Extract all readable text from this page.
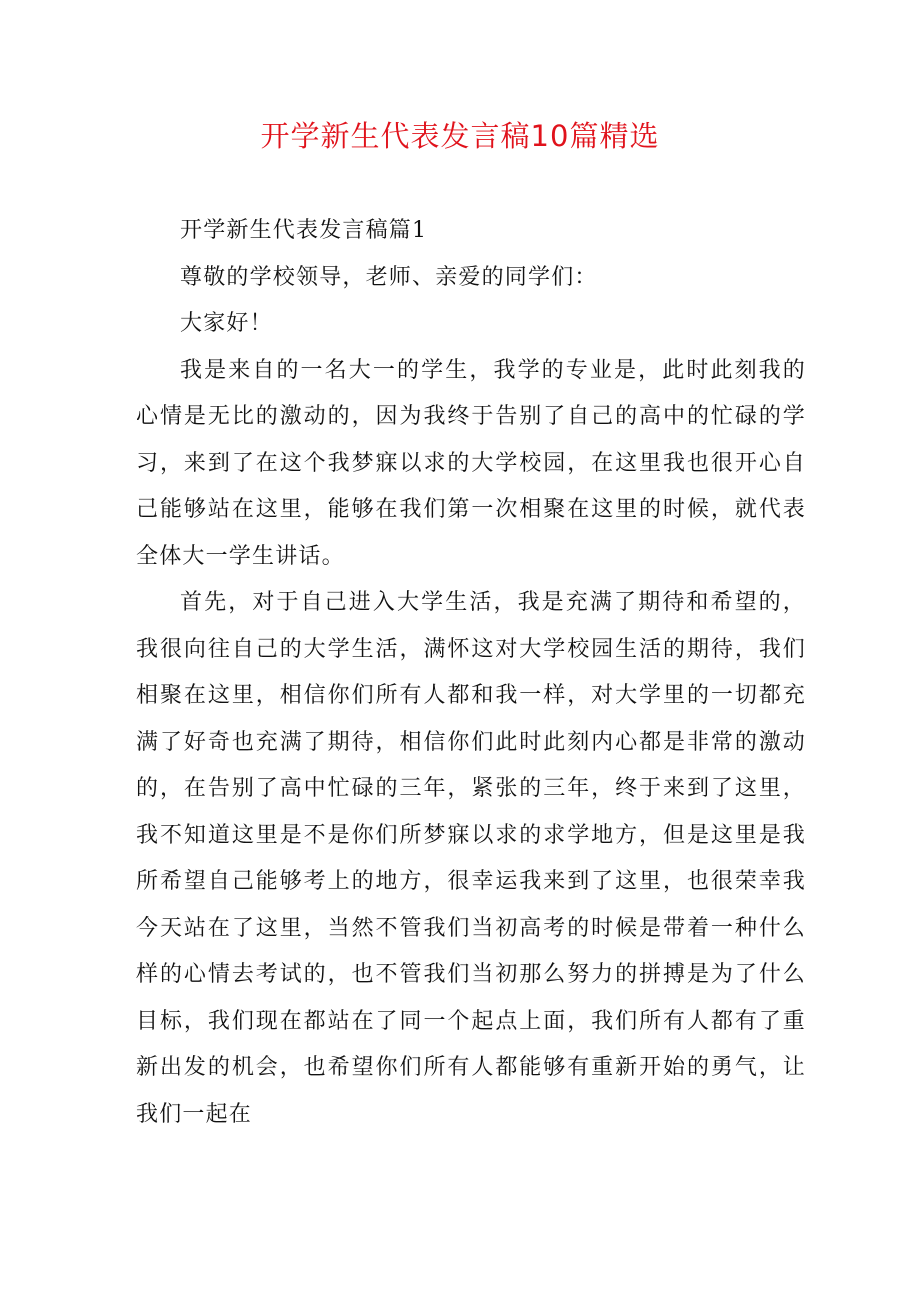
开学新生代表发言稿10篇精选

开学新生代表发言稿篇1

尊敬的学校领导，老师、亲爱的同学们：

大家好！

我是来自的一名大一的学生，我学的专业是，此时此刻我的心情是无比的激动的，因为我终于告别了自己的高中的忙碌的学习，来到了在这个我梦寐以求的大学校园，在这里我也很开心自己能够站在这里，能够在我们第一次相聚在这里的时候，就代表全体大一学生讲话。

首先，对于自己进入大学生活，我是充满了期待和希望的，我很向往自己的大学生活，满怀这对大学校园生活的期待，我们相聚在这里，相信你们所有人都和我一样，对大学里的一切都充满了好奇也充满了期待，相信你们此时此刻内心都是非常的激动的，在告别了高中忙碌的三年，紧张的三年，终于来到了这里，我不知道这里是不是你们所梦寐以求的求学地方，但是这里是我所希望自己能够考上的地方，很幸运我来到了这里，也很荣幸我今天站在了这里，当然不管我们当初高考的时候是带着一种什么样的心情去考试的，也不管我们当初那么努力的拼搏是为了什么目标，我们现在都站在了同一个起点上面，我们所有人都有了重新出发的机会，也希望你们所有人都能够有重新开始的勇气，让我们一起在
